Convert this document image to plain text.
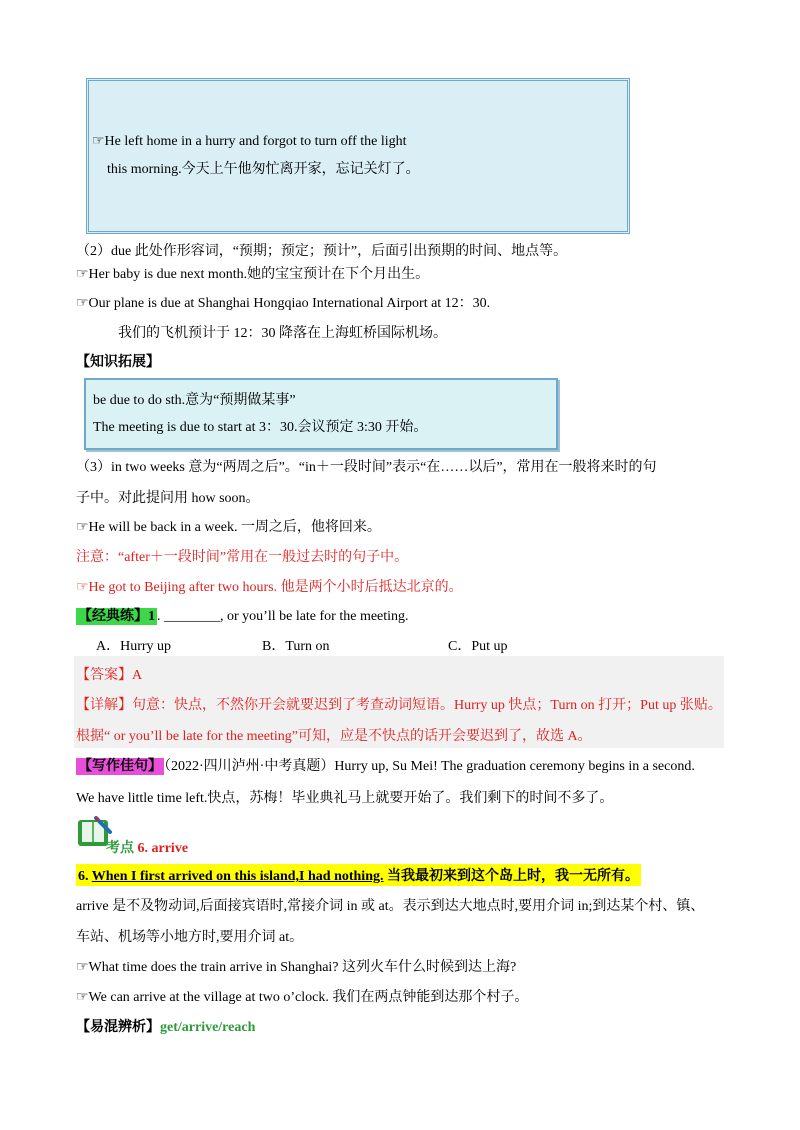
☞He left home in a hurry and forgot to turn off the light
this morning.今天上午他匆忙离开家，忘记关灯了。
（2）due 此处作形容词，“预期；预定；预计”，后面引出预期的时间、地点等。
☞Her baby is due next month.她的宝宝预计在下个月出生。
☞Our plane is due at Shanghai Hongqiao International Airport at 12：30.
我们的飞机预计于 12：30 降落在上海虹桥国际机场。
【知识拓展】
be due to do sth.意为“预期做某事”
The meeting is due to start at 3：30.会议预定 3:30 开始。
（3）in two weeks 意为“两周之后”。“in＋一段时间”表示“在……以后”，常用在一般将来时的句
子中。对此提问用 how soon。
☞He will be back in a week. 一周之后，他将回来。
注意：“after＋一段时间”常用在一般过去时的句子中。
☞He got to Beijing after two hours. 他是两个小时后抵达北京的。
【经典练】1 . ________, or you’ll be late for the meeting.
A．Hurry up	B．Turn on	C．Put up
【答案】A
【详解】句意：快点，不然你开会就要迟到了考查动词短语。Hurry up 快点；Turn on 打开；Put up 张贴。
根据“ or you’ll be late for the meeting”可知，应是不快点的话开会要迟到了，故选 A。
【写作佳句】 （2022·四川泸州·中考真题）Hurry up, Su Mei! The graduation ceremony begins in a second.
We have little time left.快点，苏梅！毕业典礼马上就要开始了。我们剩下的时间不多了。
考点 6. arrive
6. When I first arrived on this island,I had nothing. 当我最初来到这个岛上时，我一无所有。
arrive 是不及物动词,后面接宾语时,常接介词 in 或 at。表示到达大地点时,要用介词 in;到达某个村、镇、
车站、机场等小地方时,要用介词 at。
☞What time does the train arrive in Shanghai? 这列火车什么时候到达上海?
☞We can arrive at the village at two o’clock. 我们在两点钟能到达那个村子。
【易混辨析】get/arrive/reach
